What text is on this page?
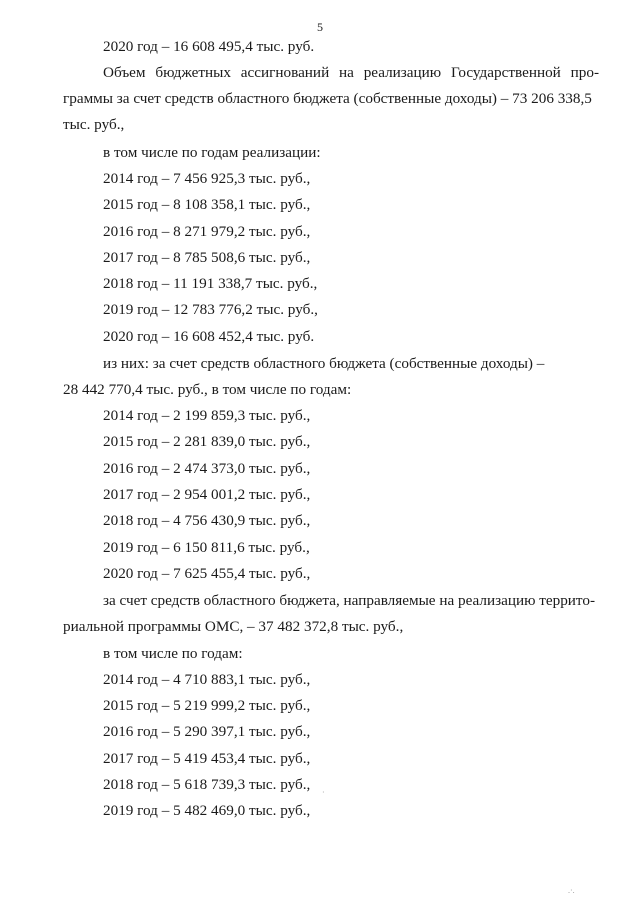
5
2020 год – 16 608 495,4 тыс. руб.
Объем бюджетных ассигнований на реализацию Государственной про-
граммы за счет средств областного бюджета (собственные доходы) – 73 206 338,5
тыс. руб.,
в том числе по годам реализации:
2014 год – 7 456 925,3 тыс. руб.,
2015 год – 8 108 358,1 тыс. руб.,
2016 год – 8 271 979,2 тыс. руб.,
2017 год – 8 785 508,6 тыс. руб.,
2018 год – 11 191 338,7 тыс. руб.,
2019 год – 12 783 776,2 тыс. руб.,
2020 год – 16 608 452,4 тыс. руб.
из них: за счет средств областного бюджета (собственные доходы) –
28 442 770,4 тыс. руб., в том числе по годам:
2014 год – 2 199 859,3 тыс. руб.,
2015 год – 2 281 839,0 тыс. руб.,
2016 год – 2 474 373,0 тыс. руб.,
2017 год – 2 954 001,2 тыс. руб.,
2018 год – 4 756 430,9 тыс. руб.,
2019 год – 6 150 811,6 тыс. руб.,
2020 год – 7 625 455,4 тыс. руб.,
за счет средств областного бюджета, направляемые на реализацию террито-
риальной программы ОМС, – 37 482 372,8 тыс. руб.,
в том числе по годам:
2014 год – 4 710 883,1 тыс. руб.,
2015 год – 5 219 999,2 тыс. руб.,
2016 год – 5 290 397,1 тыс. руб.,
2017 год – 5 419 453,4 тыс. руб.,
2018 год – 5 618 739,3 тыс. руб.,
2019 год – 5 482 469,0 тыс. руб.,
·
.·.
